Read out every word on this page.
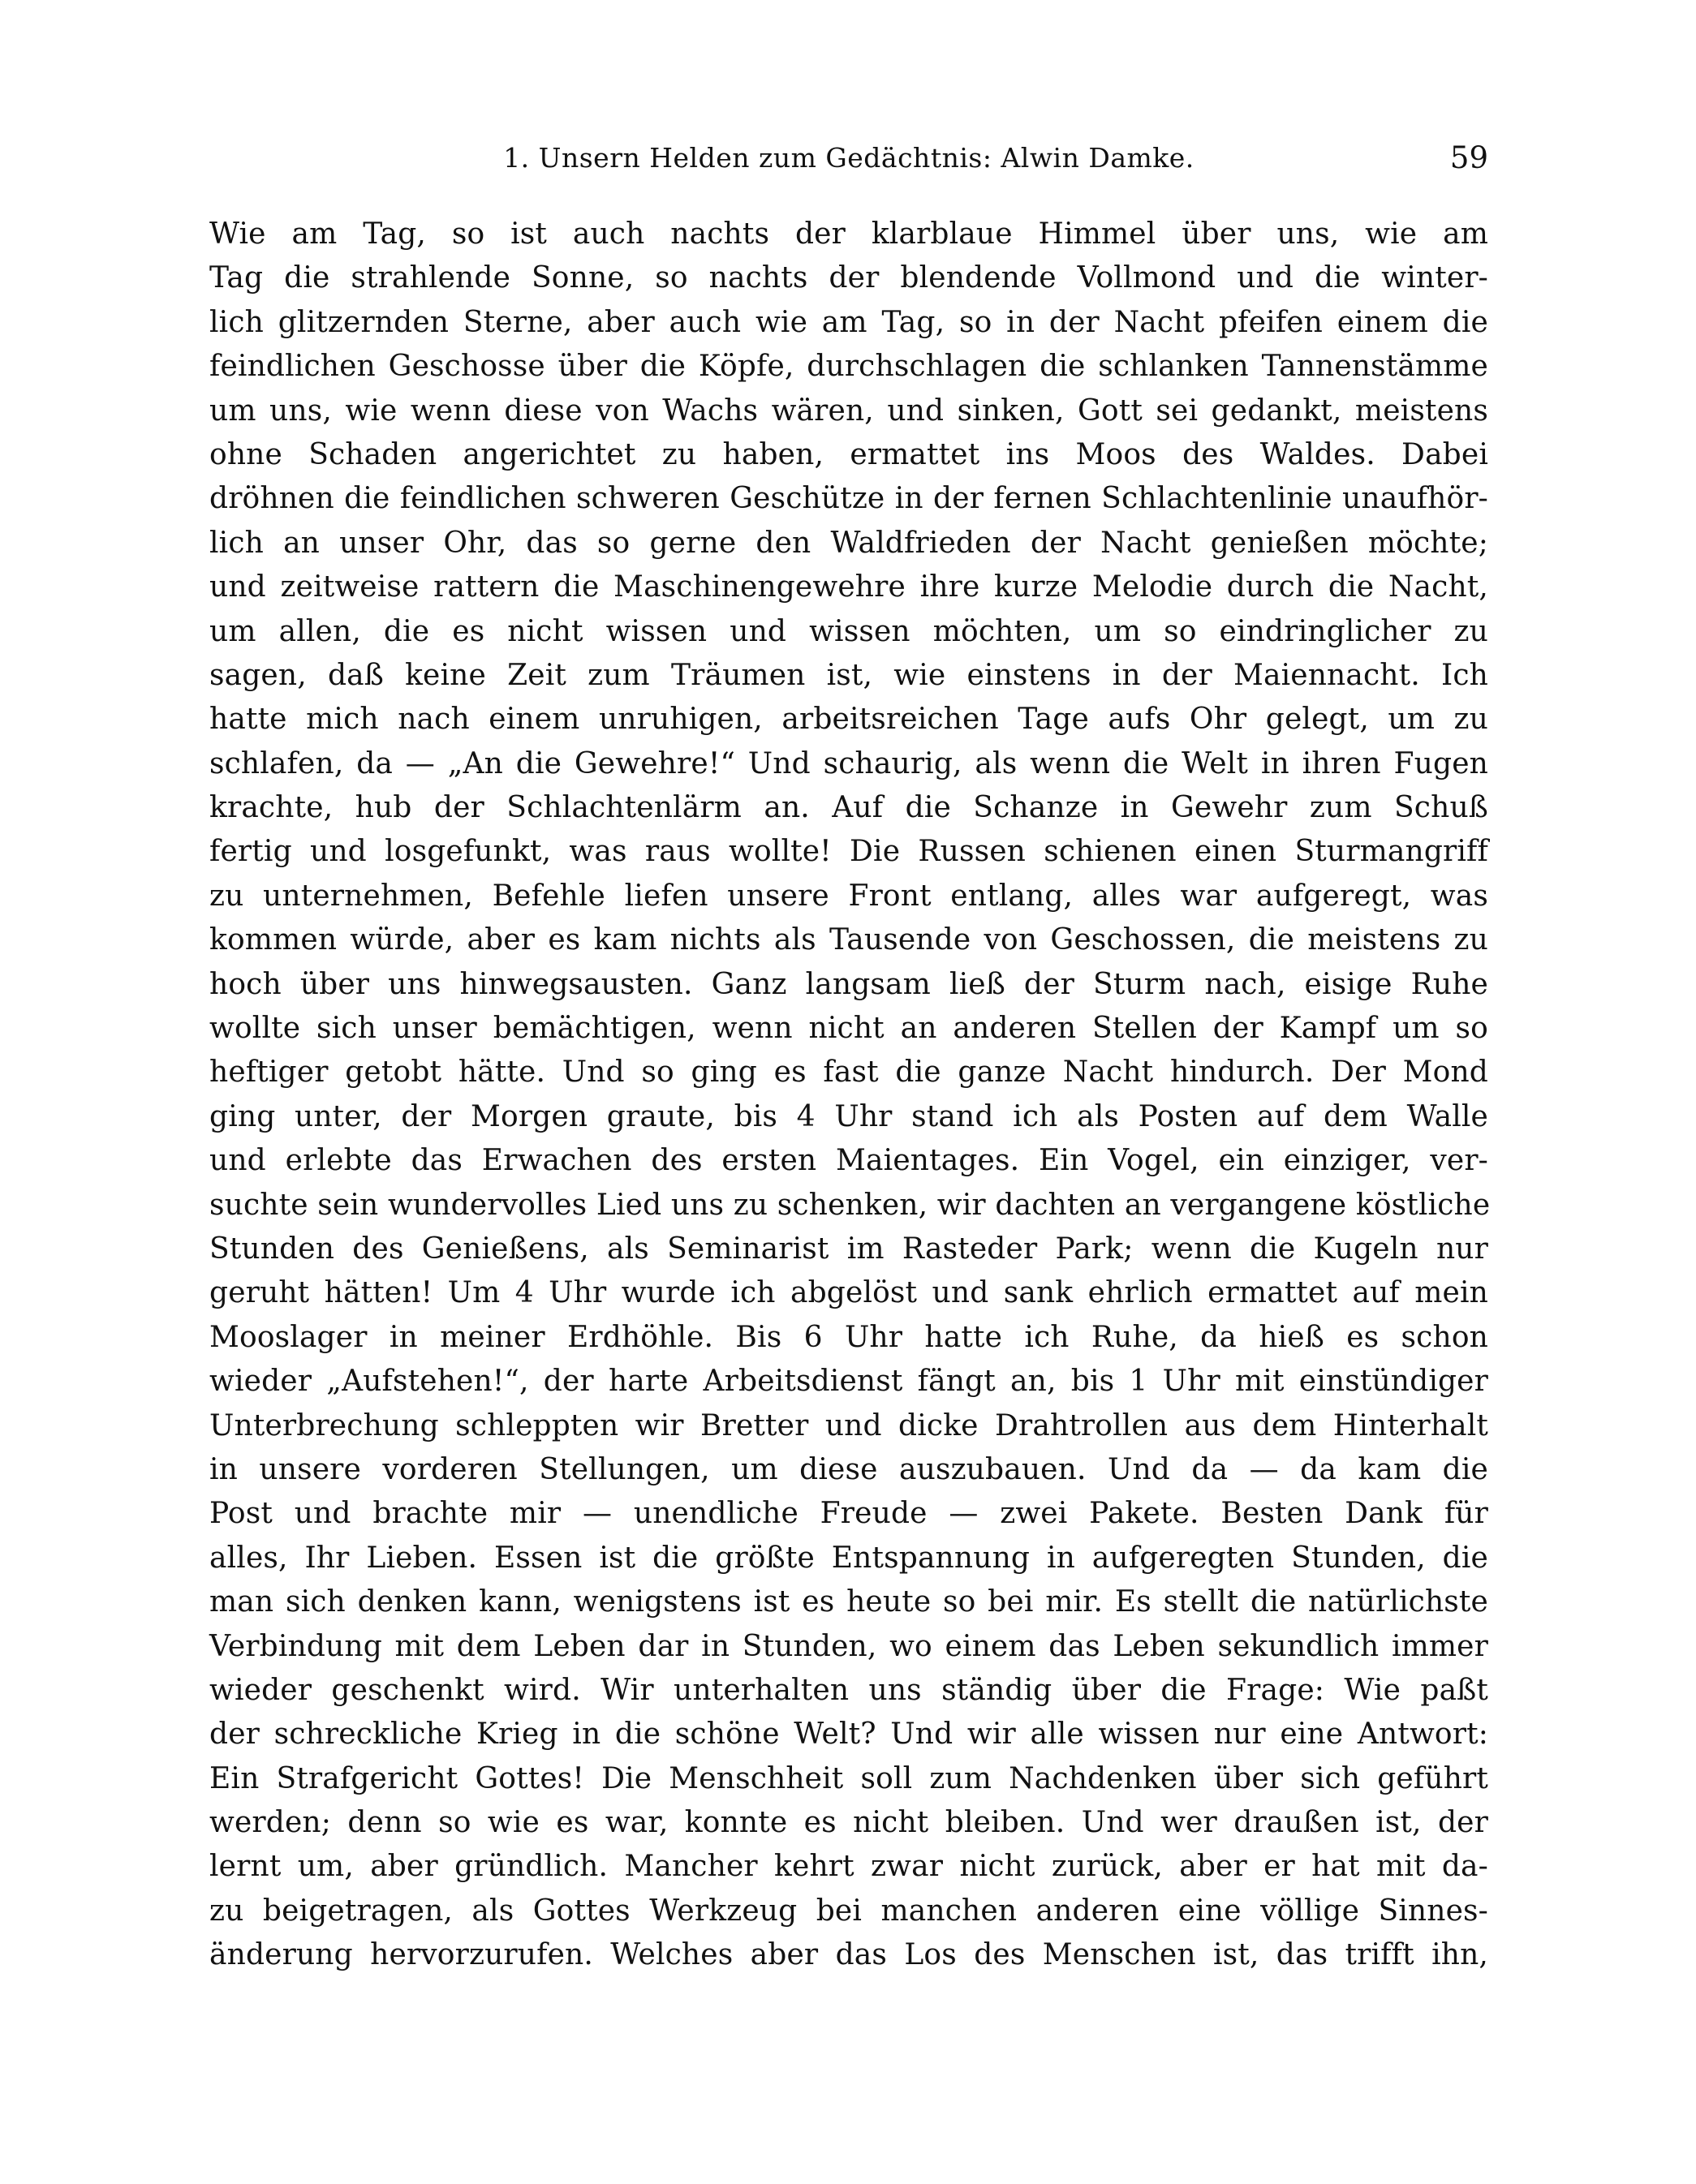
1. Unsern Helden zum Gedächtnis: Alwin Damke.	59
Wie am Tag, so ist auch nachts der klarblaue Himmel über uns, wie am
Tag die strahlende Sonne, so nachts der blendende Vollmond und die winter-
lich glitzernden Sterne, aber auch wie am Tag, so in der Nacht pfeifen einem die
feindlichen Geschosse über die Köpfe, durchschlagen die schlanken Tannenstämme
um uns, wie wenn diese von Wachs wären, und sinken, Gott sei gedankt, meistens
ohne Schaden angerichtet zu haben, ermattet ins Moos des Waldes. Dabei
dröhnen die feindlichen schweren Geschütze in der fernen Schlachtenlinie unaufhör-
lich an unser Ohr, das so gerne den Waldfrieden der Nacht genießen möchte;
und zeitweise rattern die Maschinengewehre ihre kurze Melodie durch die Nacht,
um allen, die es nicht wissen und wissen möchten, um so eindringlicher zu
sagen, daß keine Zeit zum Träumen ist, wie einstens in der Maiennacht. Ich
hatte mich nach einem unruhigen, arbeitsreichen Tage aufs Ohr gelegt, um zu
schlafen, da — „An die Gewehre!“ Und schaurig, als wenn die Welt in ihren Fugen
krachte, hub der Schlachtenlärm an. Auf die Schanze in Gewehr zum Schuß
fertig und losgefunkt, was raus wollte! Die Russen schienen einen Sturmangriff
zu unternehmen, Befehle liefen unsere Front entlang, alles war aufgeregt, was
kommen würde, aber es kam nichts als Tausende von Geschossen, die meistens zu
hoch über uns hinwegsausten. Ganz langsam ließ der Sturm nach, eisige Ruhe
wollte sich unser bemächtigen, wenn nicht an anderen Stellen der Kampf um so
heftiger getobt hätte. Und so ging es fast die ganze Nacht hindurch. Der Mond
ging unter, der Morgen graute, bis 4 Uhr stand ich als Posten auf dem Walle
und erlebte das Erwachen des ersten Maientages. Ein Vogel, ein einziger, ver-
suchte sein wundervolles Lied uns zu schenken, wir dachten an vergangene köstliche
Stunden des Genießens, als Seminarist im Rasteder Park; wenn die Kugeln nur
geruht hätten! Um 4 Uhr wurde ich abgelöst und sank ehrlich ermattet auf mein
Mooslager in meiner Erdhöhle. Bis 6 Uhr hatte ich Ruhe, da hieß es schon
wieder „Aufstehen!“, der harte Arbeitsdienst fängt an, bis 1 Uhr mit einstündiger
Unterbrechung schleppten wir Bretter und dicke Drahtrollen aus dem Hinterhalt
in unsere vorderen Stellungen, um diese auszubauen. Und da — da kam die
Post und brachte mir — unendliche Freude — zwei Pakete. Besten Dank für
alles, Ihr Lieben. Essen ist die größte Entspannung in aufgeregten Stunden, die
man sich denken kann, wenigstens ist es heute so bei mir. Es stellt die natürlichste
Verbindung mit dem Leben dar in Stunden, wo einem das Leben sekundlich immer
wieder geschenkt wird. Wir unterhalten uns ständig über die Frage: Wie paßt
der schreckliche Krieg in die schöne Welt? Und wir alle wissen nur eine Antwort:
Ein Strafgericht Gottes! Die Menschheit soll zum Nachdenken über sich geführt
werden; denn so wie es war, konnte es nicht bleiben. Und wer draußen ist, der
lernt um, aber gründlich. Mancher kehrt zwar nicht zurück, aber er hat mit da-
zu beigetragen, als Gottes Werkzeug bei manchen anderen eine völlige Sinnes-
änderung hervorzurufen. Welches aber das Los des Menschen ist, das trifft ihn,
